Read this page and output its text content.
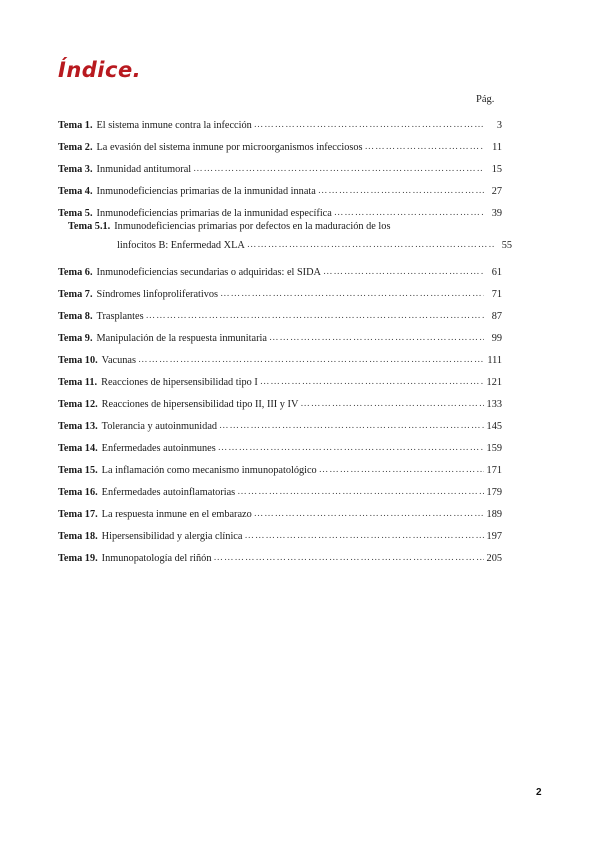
Índice.
Pág.
Tema 1. El sistema inmune contra la infección ……………………………………………………………………………………………………………………………………………………………………	3
Tema 2. La evasión del sistema inmune por microorganismos infecciosos ……………………………………………………………………………………………………………………………………………………………………	11
Tema 3. Inmunidad antitumoral ……………………………………………………………………………………………………………………………………………………………………	15
Tema 4. Inmunodeficiencias primarias de la inmunidad innata ……………………………………………………………………………………………………………………………………………………………………	27
Tema 5. Inmunodeficiencias primarias de la inmunidad específica ……………………………………………………………………………………………………………………………………………………………………	39
Tema 5.1. Inmunodeficiencias primarias por defectos en la maduración de los
linfocitos B: Enfermedad XLA ……………………………………………………………………………………………………………………………………………………………………	55
Tema 6. Inmunodeficiencias secundarias o adquiridas: el SIDA ……………………………………………………………………………………………………………………………………………………………………	61
Tema 7. Síndromes linfoproliferativos ……………………………………………………………………………………………………………………………………………………………………	71
Tema 8. Trasplantes ……………………………………………………………………………………………………………………………………………………………………	87
Tema 9. Manipulación de la respuesta inmunitaria ……………………………………………………………………………………………………………………………………………………………………	99
Tema 10. Vacunas ……………………………………………………………………………………………………………………………………………………………………	111
Tema 11. Reacciones de hipersensibilidad tipo I ……………………………………………………………………………………………………………………………………………………………………	121
Tema 12. Reacciones de hipersensibilidad tipo II, III y IV ……………………………………………………………………………………………………………………………………………………………………	133
Tema 13. Tolerancia y autoinmunidad ……………………………………………………………………………………………………………………………………………………………………	145
Tema 14. Enfermedades autoinmunes ……………………………………………………………………………………………………………………………………………………………………	159
Tema 15. La inflamación como mecanismo inmunopatológico ……………………………………………………………………………………………………………………………………………………………………	171
Tema 16. Enfermedades autoinflamatorias ……………………………………………………………………………………………………………………………………………………………………	179
Tema 17. La respuesta inmune en el embarazo ……………………………………………………………………………………………………………………………………………………………………	189
Tema 18. Hipersensibilidad y alergia clínica ……………………………………………………………………………………………………………………………………………………………………	197
Tema 19. Inmunopatología del riñón ……………………………………………………………………………………………………………………………………………………………………	205
2
